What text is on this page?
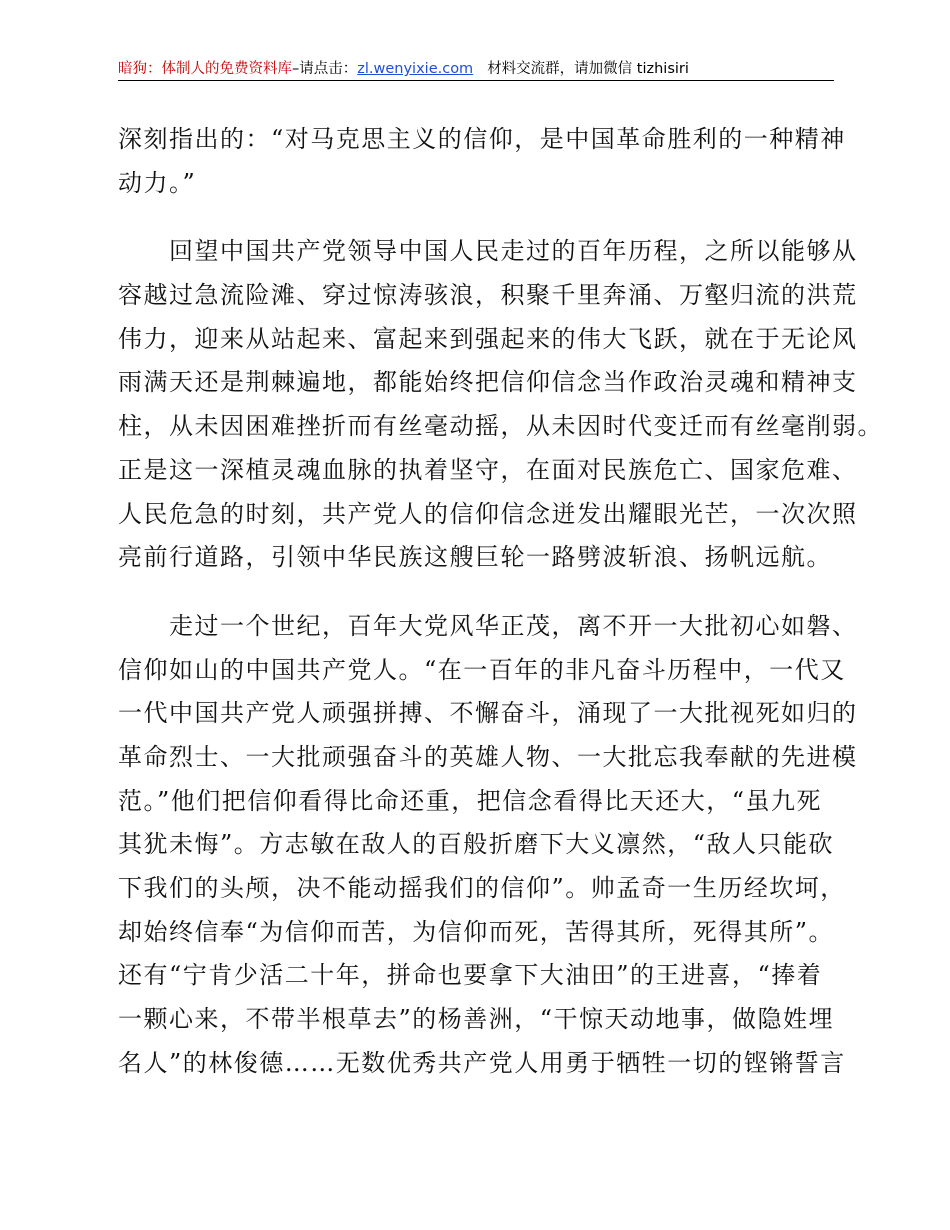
暗狗：体制人的免费资料库–请点击：zl.wenyixie.com 材料交流群，请加微信 tizhisiri
深刻指出的：“对马克思主义的信仰，是中国革命胜利的一种精神
动力。”
回望中国共产党领导中国人民走过的百年历程，之所以能够从
容越过急流险滩、穿过惊涛骇浪，积聚千里奔涌、万壑归流的洪荒
伟力，迎来从站起来、富起来到强起来的伟大飞跃，就在于无论风
雨满天还是荆棘遍地，都能始终把信仰信念当作政治灵魂和精神支
柱，从未因困难挫折而有丝毫动摇，从未因时代变迁而有丝毫削弱。
正是这一深植灵魂血脉的执着坚守，在面对民族危亡、国家危难、
人民危急的时刻，共产党人的信仰信念迸发出耀眼光芒，一次次照
亮前行道路，引领中华民族这艘巨轮一路劈波斩浪、扬帆远航。
走过一个世纪，百年大党风华正茂，离不开一大批初心如磐、
信仰如山的中国共产党人。“在一百年的非凡奋斗历程中，一代又
一代中国共产党人顽强拼搏、不懈奋斗，涌现了一大批视死如归的
革命烈士、一大批顽强奋斗的英雄人物、一大批忘我奉献的先进模
范。”他们把信仰看得比命还重，把信念看得比天还大，“虽九死
其犹未悔”。方志敏在敌人的百般折磨下大义凛然，“敌人只能砍
下我们的头颅，决不能动摇我们的信仰”。帅孟奇一生历经坎坷，
却始终信奉“为信仰而苦，为信仰而死，苦得其所，死得其所”。
还有“宁肯少活二十年，拼命也要拿下大油田”的王进喜，“捧着
一颗心来，不带半根草去”的杨善洲，“干惊天动地事，做隐姓埋
名人”的林俊德……无数优秀共产党人用勇于牺牲一切的铿锵誓言
